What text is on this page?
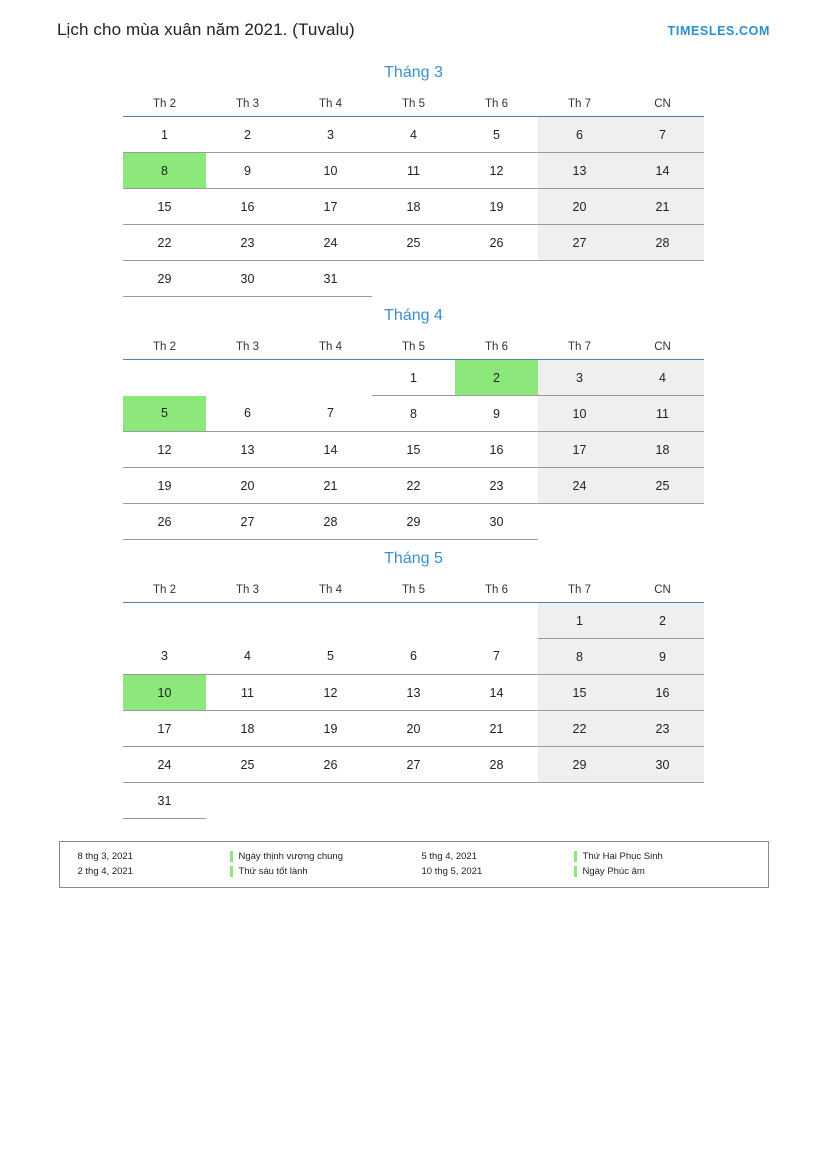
Lịch cho mùa xuân năm 2021. (Tuvalu)	TIMESLES.COM
Tháng 3
Th 2	Th 3	Th 4	Th 5	Th 6	Th 7	CN
1	2	3	4	5	6	7
8	9	10	11	12	13	14
15	16	17	18	19	20	21
22	23	24	25	26	27	28
29	30	31				
Tháng 4
Th 2	Th 3	Th 4	Th 5	Th 6	Th 7	CN
			1	2	3	4
5	6	7	8	9	10	11
12	13	14	15	16	17	18
19	20	21	22	23	24	25
26	27	28	29	30		
Tháng 5
Th 2	Th 3	Th 4	Th 5	Th 6	Th 7	CN
					1	2
3	4	5	6	7	8	9
10	11	12	13	14	15	16
17	18	19	20	21	22	23
24	25	26	27	28	29	30
31						
8 thg 3, 2021	Ngày thịnh vượng chung	5 thg 4, 2021	Thứ Hai Phục Sinh
2 thg 4, 2021	Thứ sáu tốt lành	10 thg 5, 2021	Ngày Phúc âm
